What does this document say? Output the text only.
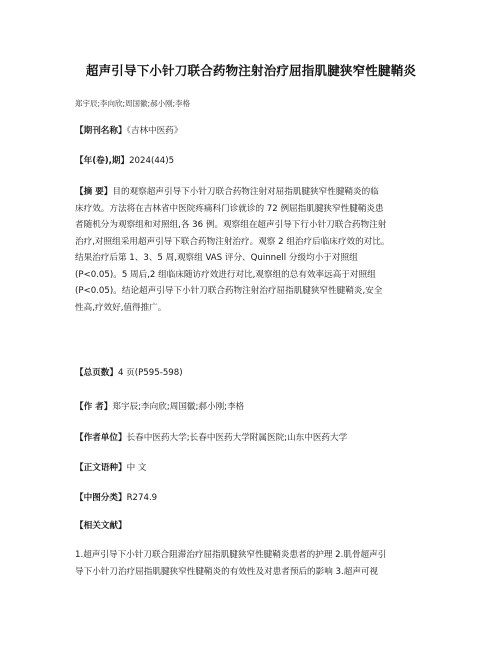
超声引导下小针刀联合药物注射治疗屈指肌腱狭窄性腱鞘炎
郑宇辰;李向欣;周国徽;郝小刚;李格
【期刊名称】《吉林中医药》
【年(卷),期】2024(44)5
【摘 要】目的观察超声引导下小针刀联合药物注射对屈指肌腱狭窄性腱鞘炎的临
床疗效。方法将在吉林省中医院疼痛科门诊就诊的 72 例屈指肌腱狭窄性腱鞘炎患
者随机分为观察组和对照组,各 36 例。观察组在超声引导下行小针刀联合药物注射
治疗,对照组采用超声引导下联合药物注射治疗。观察 2 组治疗后临床疗效的对比。
结果治疗后第 1、3、5 周,观察组 VAS 评分、Quinnell 分级均小于对照组
(P<0.05)。5 周后,2 组临床随访疗效进行对比,观察组的总有效率远高于对照组
(P<0.05)。结论超声引导下小针刀联合药物注射治疗屈指肌腱狭窄性腱鞘炎,安全
性高,疗效好,值得推广。
【总页数】4 页(P595-598)
【作 者】郑宇辰;李向欣;周国徽;郝小刚;李格
【作者单位】长春中医药大学;长春中医药大学附属医院;山东中医药大学
【正文语种】中 文
【中图分类】R274.9
【相关文献】
1.超声引导下小针刀联合阻滞治疗屈指肌腱狭窄性腱鞘炎患者的护理 2.肌骨超声引
导下小针刀治疗屈指肌腱狭窄性腱鞘炎的有效性及对患者预后的影响 3.超声可视
